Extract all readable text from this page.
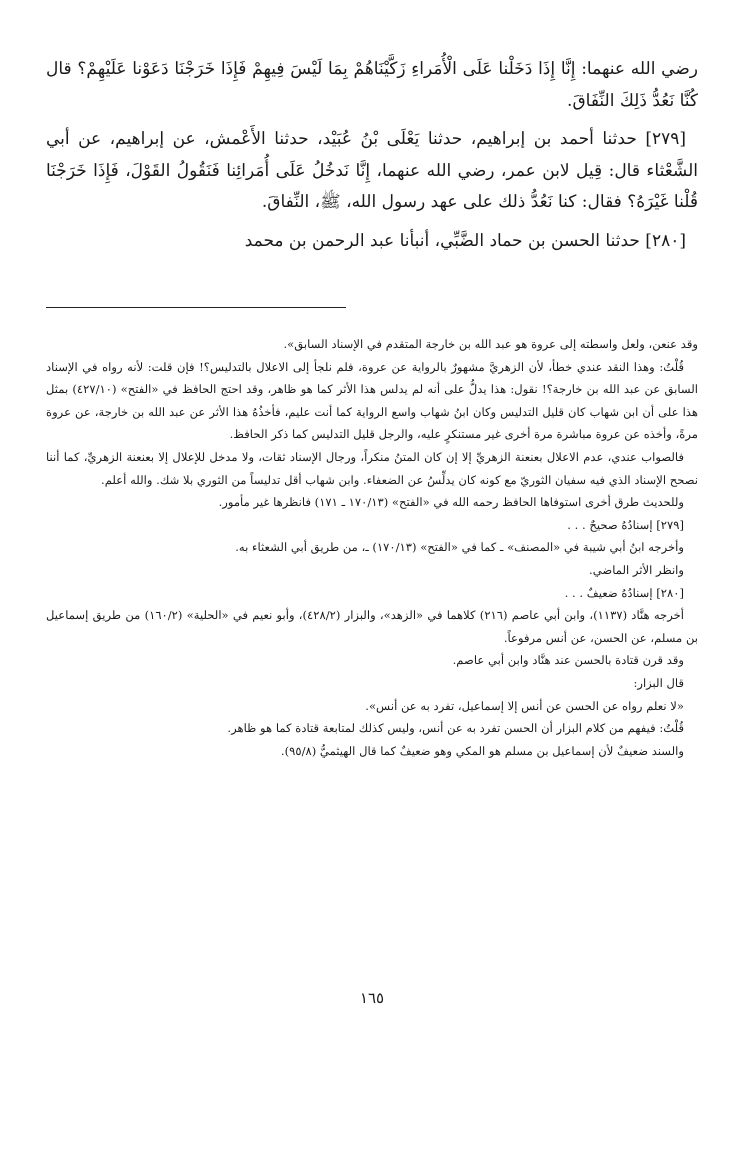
رضي الله عنهما: إِنَّا إِذَا دَخَلْنا عَلَى الْأُمَراءِ زَكَّيْنَاهُمْ بِمَا لَيْسَ فِيهِمْ فَإِذَا خَرَجْنَا دَعَوْنا عَلَيْهِمْ؟ قال كُنَّا نَعُدُّ ذَلِكَ النِّفَاقَ.

[٢٧٩] حدثنا أحمد بن إبراهيم، حدثنا يَعْلَى بْنُ عُبَيْد، حدثنا الأَعْمش، عن إبراهيم، عن أبي الشَّعْثاء قال: قِيل لابن عمر، رضي الله عنهما، إِنَّا نَدخُلُ عَلَى أُمَرائِنا فَنَقُولُ القَوْلَ، فَإِذَا خَرَجْنَا قُلْنا غَيْرَهُ؟ فقال: كنا نَعُدُّ ذلك على عهد رسول الله، ﷺ، النِّفاقَ.

[٢٨٠] حدثنا الحسن بن حماد الضَّبِّي، أنبأنا عبد الرحمن بن محمد

وقد عنعن، ولعل واسطته إلى عروة هو عبد الله بن خارجة المتقدم في الإسناد السابق».

قُلْتُ: وهذا النقد عندي خطأ، لأن الزهريَّ مشهورٌ بالرواية عن عروة، فلم نلجأ إلى الاعلال بالتدليس؟! فإن قلت: لأنه رواه في الإسناد السابق عن عبد الله بن خارجة؟! نقول: هذا يدلُّ على أنه لم يدلس هذا الأثر كما هو ظاهر، وقد احتج الحافظ في «الفتح» (٤٢٧/١٠) بمثل هذا على أن ابن شهاب كان قليل التدليس وكان ابنُ شهاب واسع الرواية كما أنت عليم، فأخذُهُ هذا الأثر عن عبد الله بن خارجة، عن عروة مرةً، وأخذه عن عروة مباشرة مرة أخرى غير مستنكرٍ عليه، والرجل قليل التدليس كما ذكر الحافظ.

فالصواب عندي، عدم الاعلال بعنعنة الزهريِّ إلا إن كان المتنُ منكراً، ورجال الإسناد ثقات، ولا مدخل للإعلال إلا بعنعنة الزهريِّ، كما أننا نصحح الإسناد الذي فيه سفيان الثوريّ مع كونه كان يدلِّسُ عن الضعفاء. وابن شهاب أقل تدليساً من الثوري بلا شك. والله أعلم.

وللحديث طرق أخرى استوفاها الحافظ رحمه الله في «الفتح» (١٧٠/١٣ ـ ١٧١) فانظرها غير مأمور.

[٢٧٩] إسنادُهُ صحيحٌ . . .

وأخرجه ابنُ أبي شيبة في «المصنف» ـ كما في «الفتح» (١٧٠/١٣) ـ، من طريق أبي الشعثاء به.

وانظر الأثر الماضي.

[٢٨٠] إسنادُهُ ضعيفٌ . . .

أخرجه هنَّاد (١١٣٧)، وابن أبي عاصم (٢١٦) كلاهما في «الزهد»، والبزار (٤٢٨/٢)، وأبو نعيم في «الحلية» (١٦٠/٢) من طريق إسماعيل بن مسلم، عن الحسن، عن أنس مرفوعاً.

وقد قرن قتادة بالحسن عند هنَّاد وابن أبي عاصم.

قال البزار:

«لا نعلم رواه عن الحسن عن أنس إلا إسماعيل، تفرد به عن أنس».

قُلْتُ: فيفهم من كلام البزار أن الحسن تفرد به عن أنس، وليس كذلك لمتابعة قتادة كما هو ظاهر.

والسند ضعيفٌ لأن إسماعيل بن مسلم هو المكي وهو ضعيفٌ كما قال الهيثميُّ (٩٥/٨).

١٦٥
